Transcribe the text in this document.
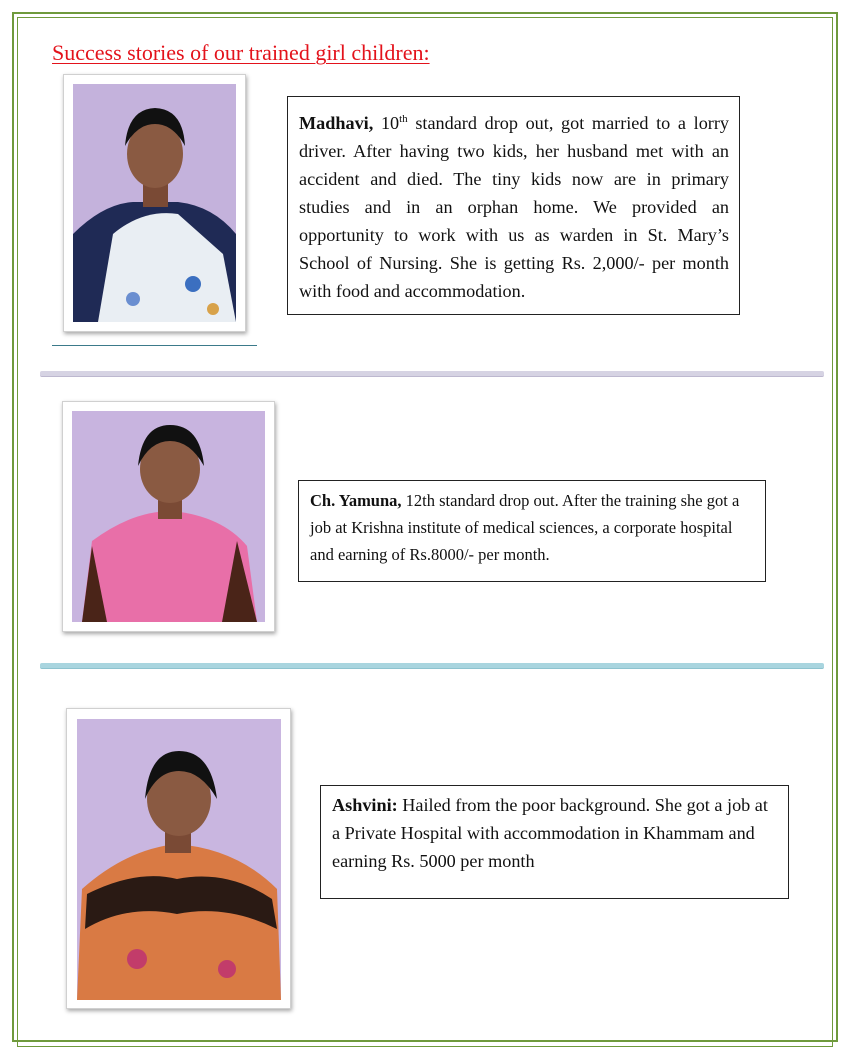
Success stories of our trained girl children:
Madhavi, 10th standard drop out, got married to a lorry driver. After having two kids, her husband met with an accident and died. The tiny kids now are in primary studies and in an orphan home. We provided an opportunity to work with us as warden in St. Mary’s School of Nursing. She is getting Rs. 2,000/- per month with food and accommodation.
Ch. Yamuna, 12th standard drop out. After the training she got a job at Krishna institute of medical sciences, a corporate hospital and earning of Rs.8000/- per month.
Ashvini: Hailed from the poor background. She got a job at a Private Hospital with accommodation in Khammam and earning Rs. 5000 per month
